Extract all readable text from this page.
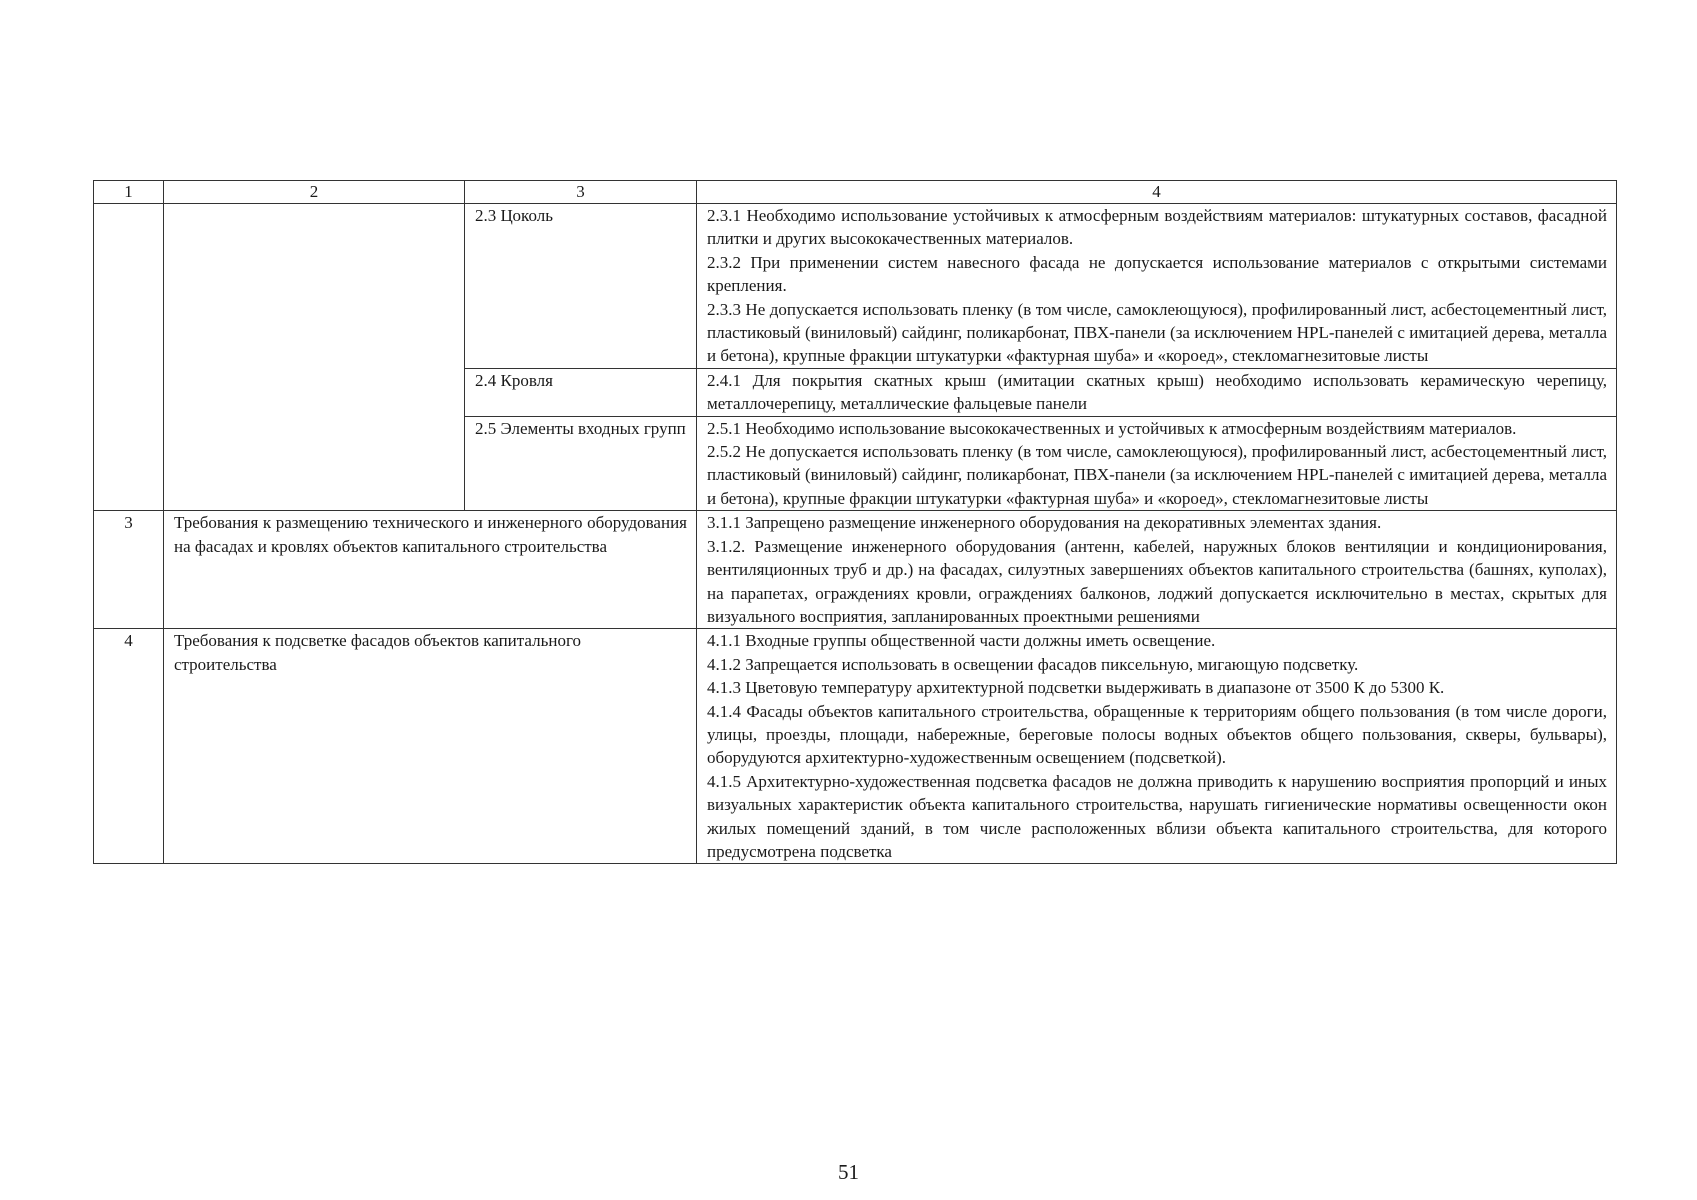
1	2	3	4

		2.3 Цоколь	2.3.1 Необходимо использование устойчивых к атмосферным воздействиям материалов: штукатурных составов, фасадной плитки и других высококачественных материалов.

2.3.2 При применении систем навесного фасада не допускается использование материалов с открытыми системами крепления.

2.3.3 Не допускается использовать пленку (в том числе, самоклеющуюся), профилированный лист, асбестоцементный лист, пластиковый (виниловый) сайдинг, поликарбонат, ПВХ-панели (за исключением HPL-панелей с имитацией дерева, металла и бетона), крупные фракции штукатурки «фактурная шуба» и «короед», стекломагнезитовые листы

		2.4 Кровля	2.4.1 Для покрытия скатных крыш (имитации скатных крыш) необходимо использовать керамическую черепицу, металлочерепицу, металлические фальцевые панели

		2.5 Элементы входных групп	2.5.1 Необходимо использование высококачественных и устойчивых к атмосферным воздействиям материалов.

2.5.2 Не допускается использовать пленку (в том числе, самоклеющуюся), профилированный лист, асбестоцементный лист, пластиковый (виниловый) сайдинг, поликарбонат, ПВХ-панели (за исключением HPL-панелей с имитацией дерева, металла и бетона), крупные фракции штукатурки «фактурная шуба» и «короед», стекломагнезитовые листы

3	Требования к размещению технического и инженерного оборудования на фасадах и кровлях объектов капитального строительства		3.1.1 Запрещено размещение инженерного оборудования на декоративных элементах здания.

3.1.2. Размещение инженерного оборудования (антенн, кабелей, наружных блоков вентиляции и кондиционирования, вентиляционных труб и др.) на фасадах, силуэтных завершениях объектов капитального строительства (башнях, куполах), на парапетах, ограждениях кровли, ограждениях балконов, лоджий допускается исключительно в местах, скрытых для визуального восприятия, запланированных проектными решениями

4	Требования к подсветке фасадов объектов капитального строительства		4.1.1 Входные группы общественной части должны иметь освещение.

4.1.2 Запрещается использовать в освещении фасадов пиксельную, мигающую подсветку.

4.1.3 Цветовую температуру архитектурной подсветки выдерживать в диапазоне от 3500 К до 5300 К.

4.1.4 Фасады объектов капитального строительства, обращенные к территориям общего пользования (в том числе дороги, улицы, проезды, площади, набережные, береговые полосы водных объектов общего пользования, скверы, бульвары), оборудуются архитектурно-художественным освещением (подсветкой).

4.1.5 Архитектурно-художественная подсветка фасадов не должна приводить к нарушению восприятия пропорций и иных визуальных характеристик объекта капитального строительства, нарушать гигиенические нормативы освещенности окон жилых помещений зданий, в том числе расположенных вблизи объекта капитального строительства, для которого предусмотрена подсветка

51
